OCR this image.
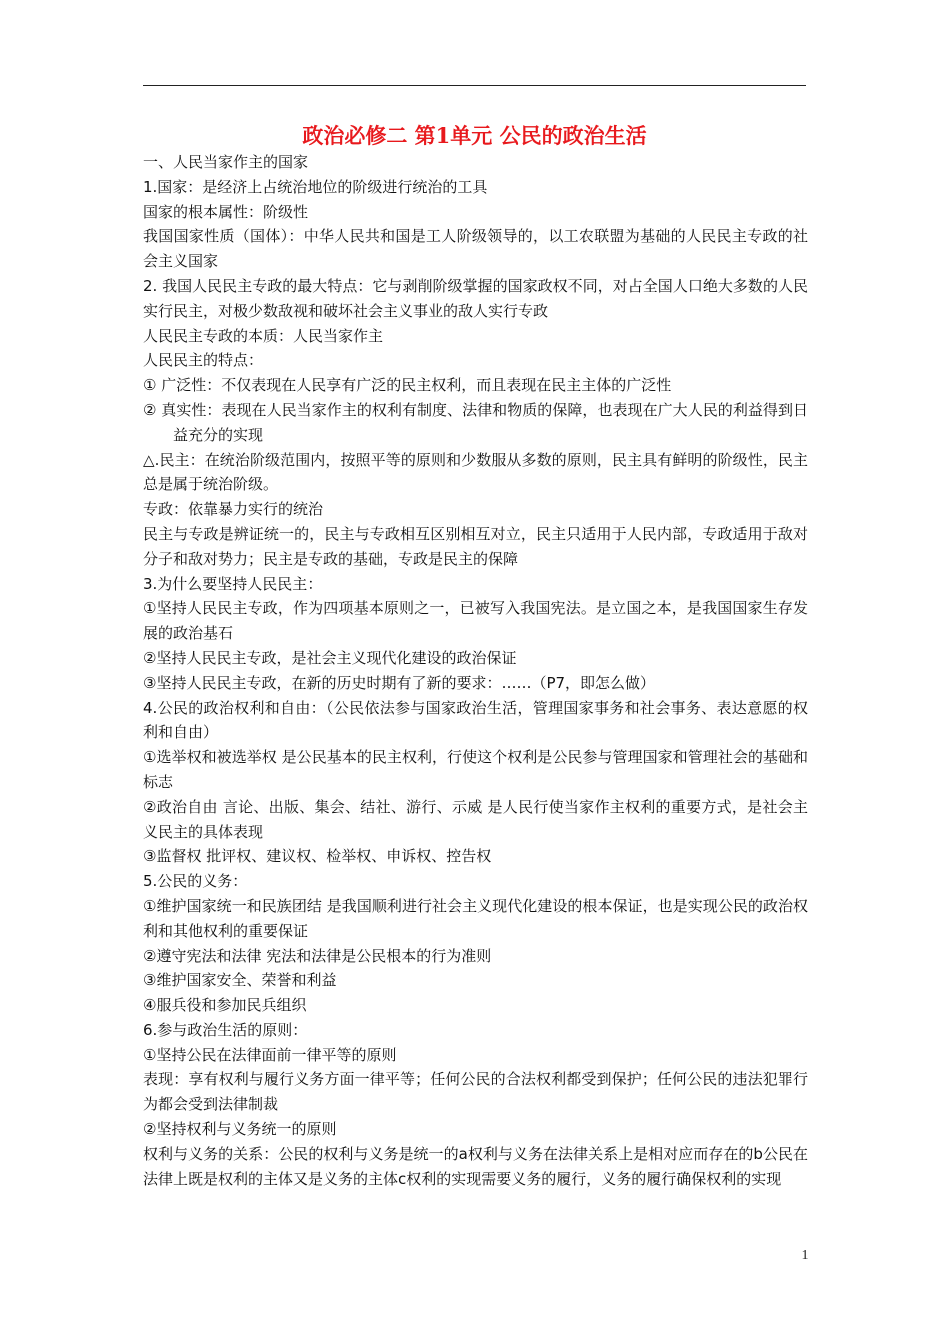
政治必修二 第1单元 公民的政治生活

一、人民当家作主的国家

1.国家：是经济上占统治地位的阶级进行统治的工具

国家的根本属性：阶级性

我国国家性质（国体）：中华人民共和国是工人阶级领导的，以工农联盟为基础的人民民主专政的社会主义国家

2. 我国人民民主专政的最大特点：它与剥削阶级掌握的国家政权不同，对占全国人口绝大多数的人民实行民主，对极少数敌视和破坏社会主义事业的敌人实行专政

人民民主专政的本质：人民当家作主

人民民主的特点：

① 广泛性：不仅表现在人民享有广泛的民主权利，而且表现在民主主体的广泛性

② 真实性：表现在人民当家作主的权利有制度、法律和物质的保障，也表现在广大人民的利益得到日益充分的实现

△.民主：在统治阶级范围内，按照平等的原则和少数服从多数的原则，民主具有鲜明的阶级性，民主总是属于统治阶级。

专政：依靠暴力实行的统治

民主与专政是辨证统一的，民主与专政相互区别相互对立，民主只适用于人民内部，专政适用于敌对分子和敌对势力；民主是专政的基础，专政是民主的保障

3.为什么要坚持人民民主：

①坚持人民民主专政，作为四项基本原则之一，已被写入我国宪法。是立国之本，是我国国家生存发展的政治基石

②坚持人民民主专政，是社会主义现代化建设的政治保证

③坚持人民民主专政，在新的历史时期有了新的要求：……（P7，即怎么做）

4.公民的政治权利和自由：（公民依法参与国家政治生活，管理国家事务和社会事务、表达意愿的权利和自由）

①选举权和被选举权 是公民基本的民主权利，行使这个权利是公民参与管理国家和管理社会的基础和标志

②政治自由 言论、出版、集会、结社、游行、示威 是人民行使当家作主权利的重要方式，是社会主义民主的具体表现

③监督权 批评权、建议权、检举权、申诉权、控告权

5.公民的义务：

①维护国家统一和民族团结 是我国顺利进行社会主义现代化建设的根本保证，也是实现公民的政治权利和其他权利的重要保证

②遵守宪法和法律 宪法和法律是公民根本的行为准则

③维护国家安全、荣誉和利益

④服兵役和参加民兵组织

6.参与政治生活的原则：

①坚持公民在法律面前一律平等的原则

表现：享有权利与履行义务方面一律平等；任何公民的合法权利都受到保护；任何公民的违法犯罪行为都会受到法律制裁

②坚持权利与义务统一的原则

权利与义务的关系：公民的权利与义务是统一的a权利与义务在法律关系上是相对应而存在的b公民在法律上既是权利的主体又是义务的主体c权利的实现需要义务的履行，义务的履行确保权利的实现

1
